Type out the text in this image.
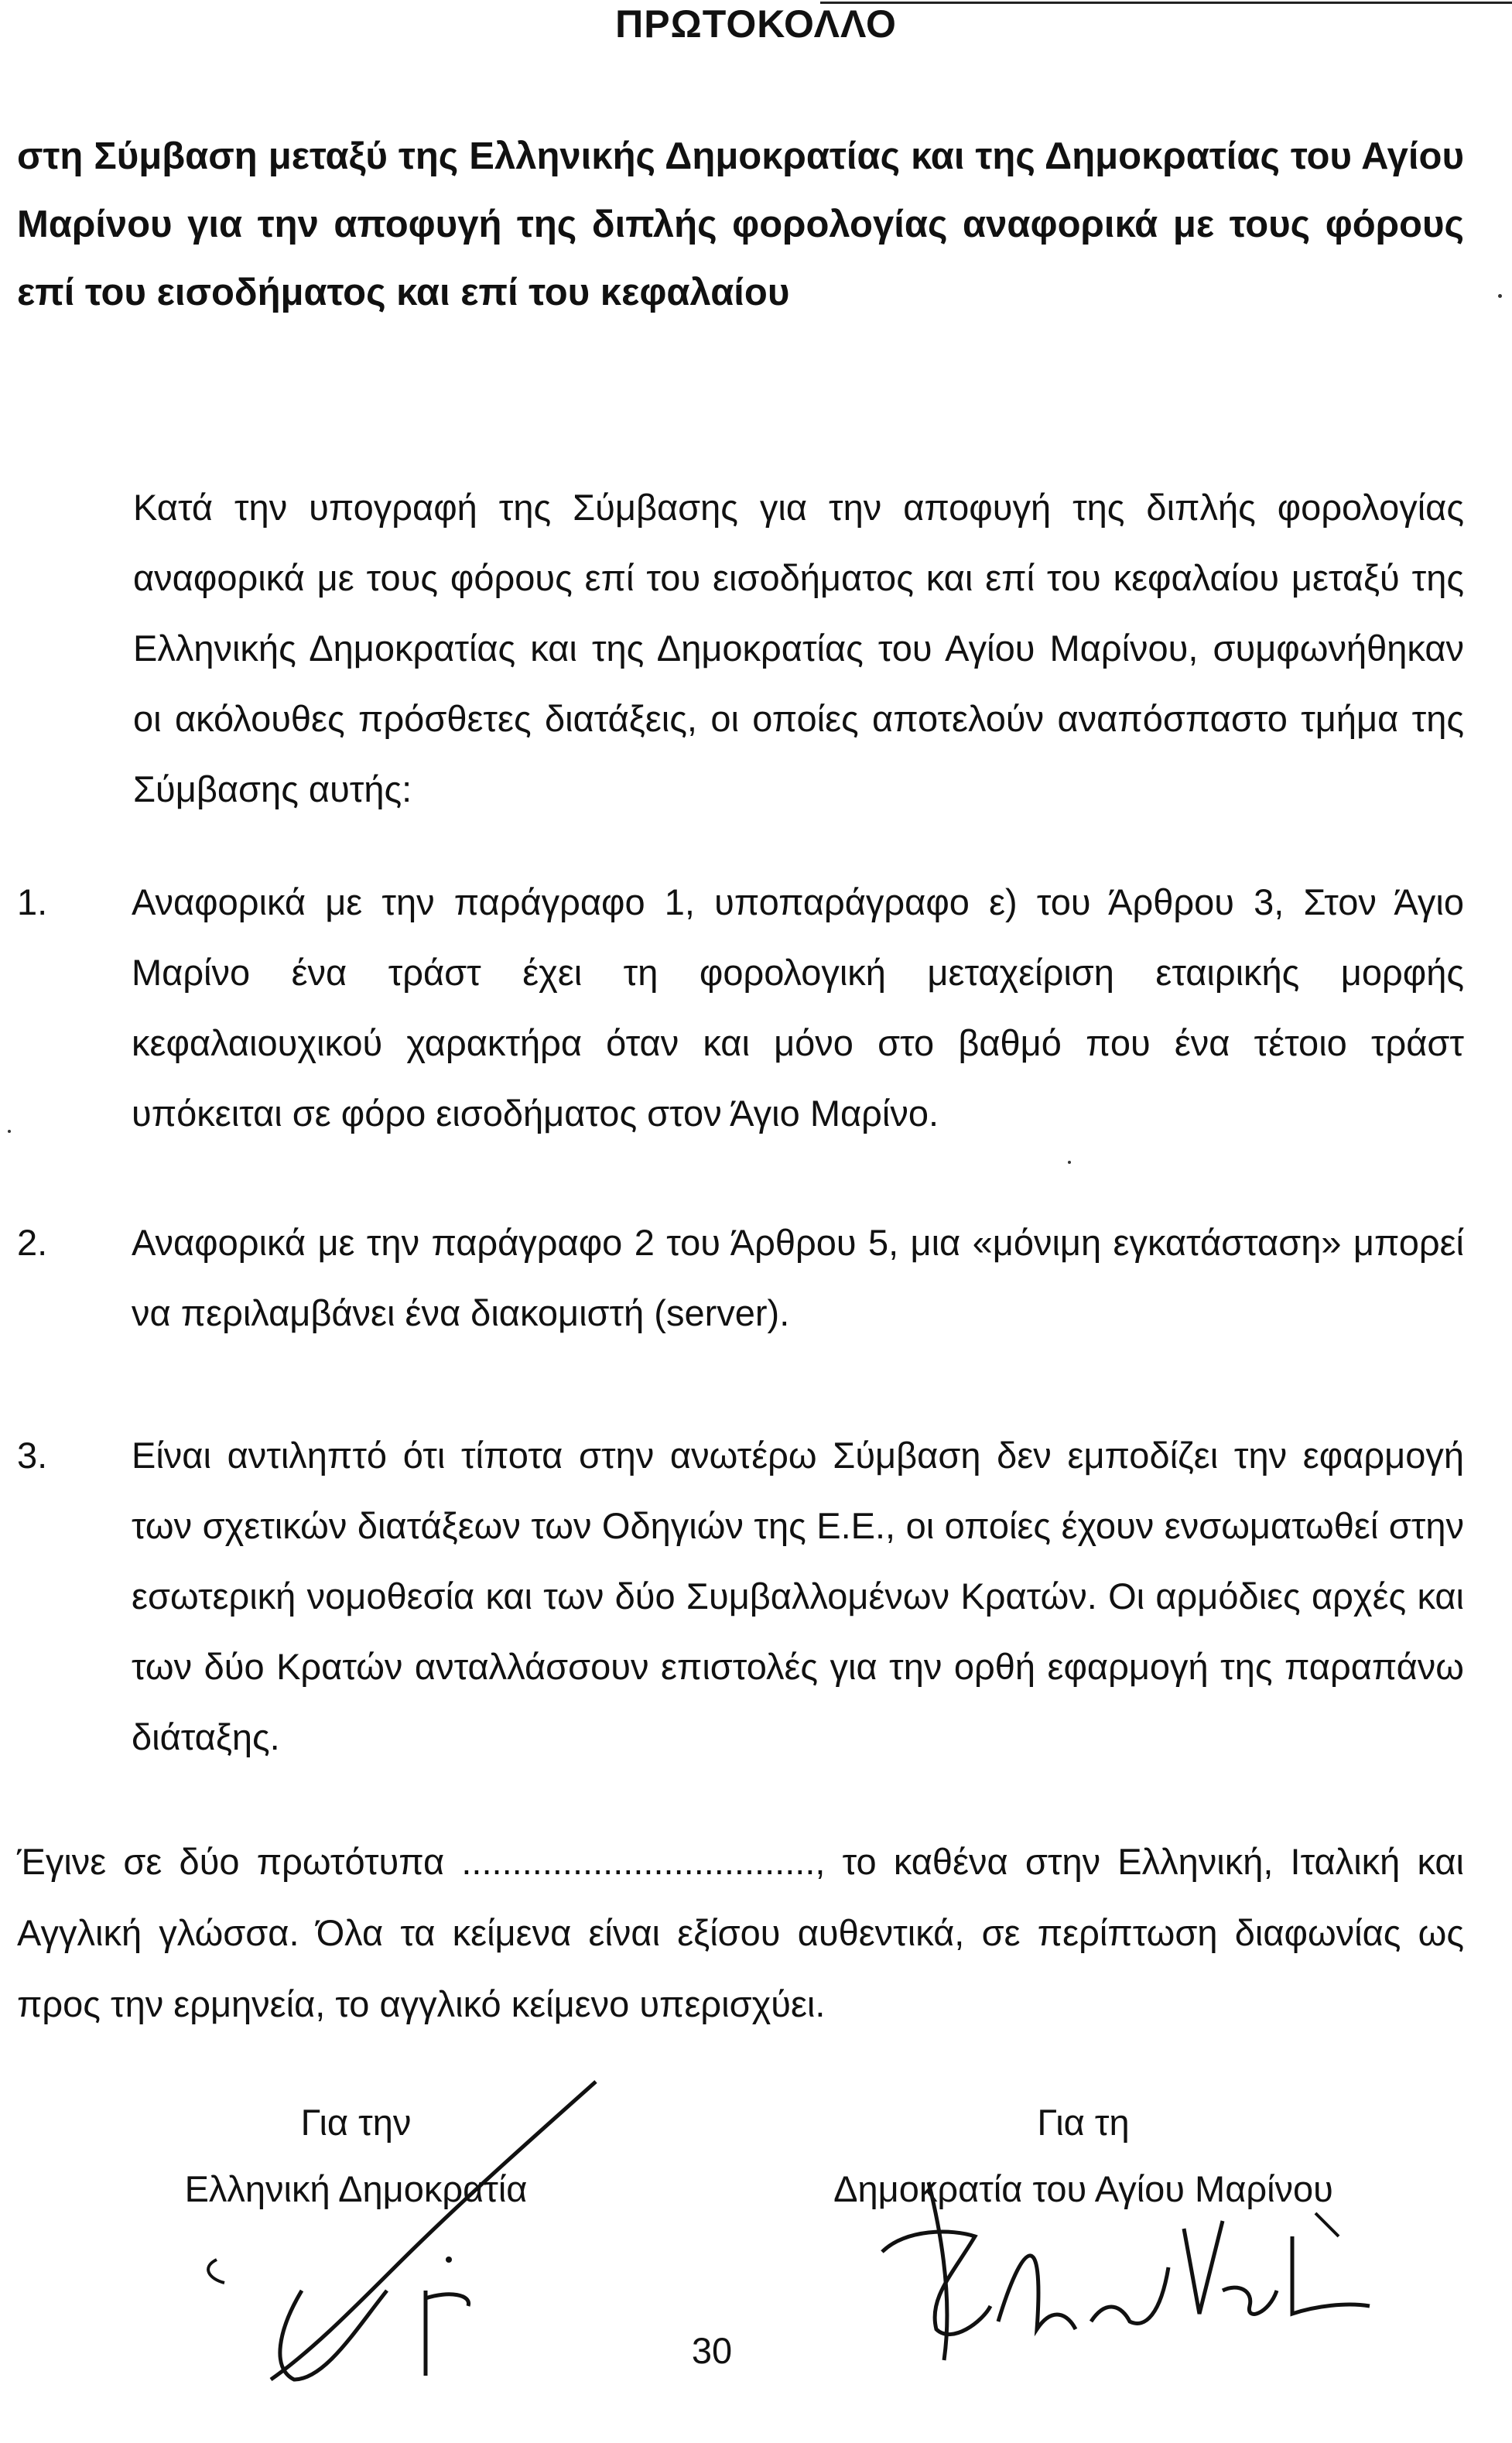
ΠΡΩΤΟΚΟΛΛΟ
στη Σύμβαση μεταξύ της Ελληνικής Δημοκρατίας και της Δημοκρατίας του Αγίου Μαρίνου για την αποφυγή της διπλής φορολογίας αναφορικά με τους φόρους επί του εισοδήματος και επί του κεφαλαίου
Κατά την υπογραφή της Σύμβασης για την αποφυγή της διπλής φορολογίας αναφορικά με τους φόρους επί του εισοδήματος και επί του κεφαλαίου μεταξύ της Ελληνικής Δημοκρατίας και της Δημοκρατίας του Αγίου Μαρίνου, συμφωνήθηκαν οι ακόλουθες πρόσθετες διατάξεις, οι οποίες αποτελούν αναπόσπαστο τμήμα της Σύμβασης αυτής:
1. Αναφορικά με την παράγραφο 1, υποπαράγραφο ε) του Άρθρου 3, Στον Άγιο Μαρίνο ένα τράστ έχει τη φορολογική μεταχείριση εταιρικής μορφής κεφαλαιουχικού χαρακτήρα όταν και μόνο στο βαθμό που ένα τέτοιο τράστ υπόκειται σε φόρο εισοδήματος στον Άγιο Μαρίνο.
2. Αναφορικά με την παράγραφο 2 του Άρθρου 5, μια «μόνιμη εγκατάσταση» μπορεί να περιλαμβάνει ένα διακομιστή (server).
3. Είναι αντιληπτό ότι τίποτα στην ανωτέρω Σύμβαση δεν εμποδίζει την εφαρμογή των σχετικών διατάξεων των Οδηγιών της Ε.Ε., οι οποίες έχουν ενσωματωθεί στην εσωτερική νομοθεσία και των δύο Συμβαλλομένων Κρατών. Οι αρμόδιες αρχές και των δύο Κρατών ανταλλάσσουν επιστολές για την ορθή εφαρμογή της παραπάνω διάταξης.
Έγινε σε δύο πρωτότυπα ..................................., το καθένα στην Ελληνική, Ιταλική και Αγγλική γλώσσα. Όλα τα κείμενα είναι εξίσου αυθεντικά, σε περίπτωση διαφωνίας ως προς την ερμηνεία, το αγγλικό κείμενο υπερισχύει.
Για την
Ελληνική Δημοκρατία
Για τη
Δημοκρατία του Αγίου Μαρίνου
30
